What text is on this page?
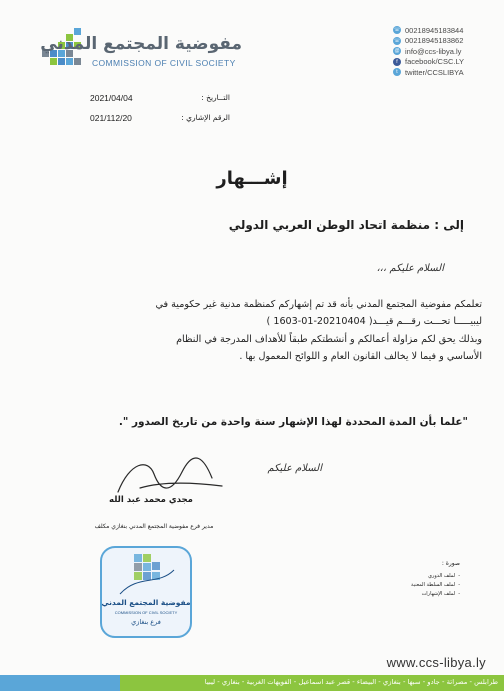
مفوضية المجتمع المدني
COMMISSION OF CIVIL SOCIETY
☏ 00218945183844
☏ 00218945183862
@ info@ccs-libya.ly
f facebook/CSC.LY
t twitter/CCSLIBYA
2021/04/04	التــاريخ :
021/112/20	الرقم الإشاري :
إشـــهار
إلى : منظمة اتحاد الوطن العربي الدولي
السلام عليكم ،،،
تعلمكم مفوضية المجتمع المدني بأنه قد تم إشهاركم كمنظمة مدنية غير حكومية في
ليبيـــــا تحـــت رقـــم قيـــد( 20210404-01-1603 )
وبذلك يحق لكم مزاولة أعمالكم و أنشطتكم طبقاً للأهداف المدرجة في النظام
الأساسي و فيما لا يخالف القانون العام و اللوائح المعمول بها .
"علما بأن المدة المحددة لهذا الإشهار سنة واحدة من تاريخ الصدور ".
السلام عليكم
مجدي محمد عبد الله
مدير فرع مفوضية المجتمع المدني بنغازي مكلف
مفوضية المجتمع المدني
COMMISSION OF CIVIL SOCIETY
فرع بنغازي
صورة :
- لملف الدوري
- لملف السلطة المعنية
- لملف الإشهارات
www.ccs-libya.ly
طرابلس - مصراتة - جادو - سبها - بنغازي - البيضاء - قصر عبد اسماعيل - الفويهات الغربية - بنغازي - ليبيا
